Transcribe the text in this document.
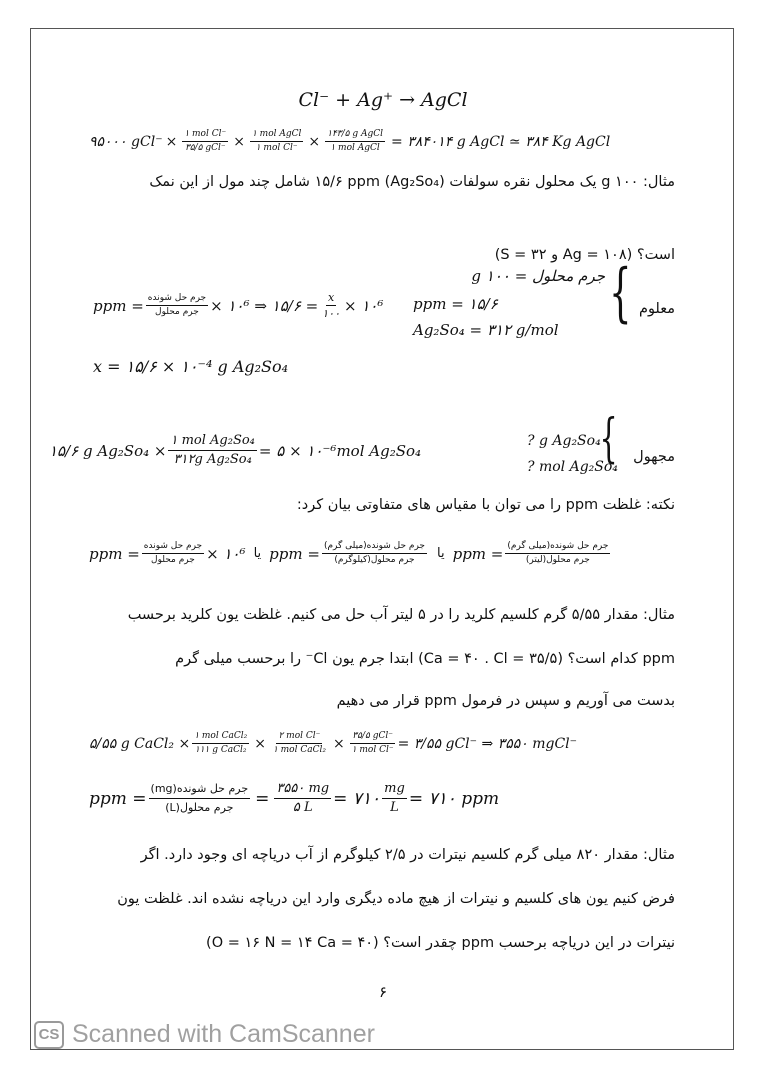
Cl⁻ + Ag⁺ → AgCl
۹۵۰۰۰ $gCl^- \times \frac{\text{۱ mol Cl⁻}}{\text{۳۵/۵ gCl⁻}} \times \frac{\text{۱ mol AgCl}}{\text{۱ mol Cl⁻}} \times \frac{\text{۱۴۳/۵ g AgCl}}{\text{۱ mol AgCl}}$ = ۳۸۴۰۱۴ g AgCl ≃ ۳۸۴ Kg AgCl
مثال: ۱۰۰ g یک محلول نقره سولفات (Ag₂So₄) ۱۵/۶ ppm شامل چند مول از این نمک
است؟ (Ag = ۱۰۸ و S = ۳۲)
معلوم
{
جرم محلول = ۱۰۰ g
ppm = ۱۵/۶
Ag₂So₄ = ۳۱۲ g/mol
ppm = $\frac{\text{جرم حل شونده}}{\text{جرم محلول}}$ × ۱۰⁶ ⇒ ۱۵/۶ = $\frac{x}{۱۰۰}$ × ۱۰⁶
x = ۱۵/۶ × ۱۰⁻⁴ g Ag₂So₄
مجهول
{
? g Ag₂So₄
? mol Ag₂So₄
۱۵/۶ g $Ag_2So_4 \times \frac{\text{۱ mol Ag₂So₄}}{\text{۳۱۲g Ag₂So₄}}$ = ۵ × ۱۰⁻⁶mol Ag₂So₄
نکته: غلظت ppm را می توان با مقیاس های متفاوتی بیان کرد:
ppm = $\frac{\text{جرم حل شونده}}{\text{جرم محلول}}$ × ۱۰⁶ یا ppm = $\frac{\text{جرم حل شونده(میلی گرم)}}{\text{جرم محلول(کیلوگرم)}}$ یا ppm = $\frac{\text{جرم حل شونده(میلی گرم)}}{\text{جرم محلول(لیتر)}}$
مثال: مقدار ۵/۵۵ گرم کلسیم کلرید را در ۵ لیتر آب حل می کنیم. غلظت یون کلرید برحسب
ppm کدام است؟ (Ca = ۴۰ . Cl = ۳۵/۵) ابتدا جرم یون Cl⁻ را برحسب میلی گرم
بدست می آوریم و سپس در فرمول ppm قرار می دهیم
۵/۵۵ g CaCl₂ × $\frac{\text{۱ mol CaCl₂}}{\text{۱۱۱ g CaCl₂}} \times \frac{\text{۲ mol Cl⁻}}{\text{۱ mol CaCl₂}} \times \frac{\text{۳۵/۵ gCl⁻}}{\text{۱ mol Cl⁻}}$ = ۳/۵۵ gCl⁻ ⇒ ۳۵۵۰ mgCl⁻
ppm = $\frac{\text{(mg)جرم حل شونده}}{\text{(L)جرم محلول}} = \frac{۳۵۵۰ mg}{۵ L}$ = ۷۱۰ $\frac{mg}{L}$ = ۷۱۰ ppm
مثال: مقدار ۸۲۰ میلی گرم کلسیم نیترات در ۲/۵ کیلوگرم از آب دریاچه ای وجود دارد. اگر
فرض کنیم یون های کلسیم و نیترات از هیچ ماده دیگری وارد این دریاچه نشده اند. غلظت یون
نیترات در این دریاچه برحسب ppm چقدر است؟ (O = ۱۶ N = ۱۴ Ca = ۴۰)
۶
CS Scanned with CamScanner
